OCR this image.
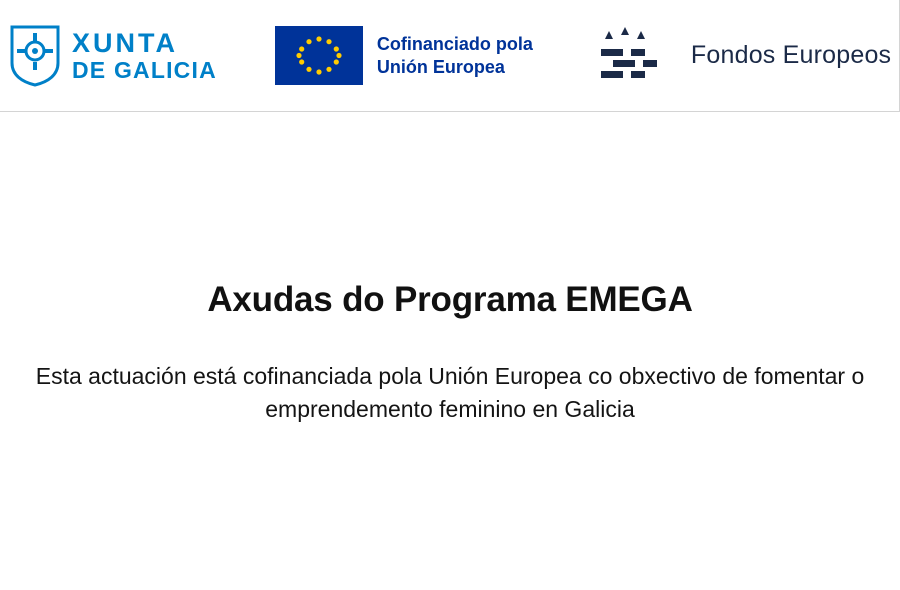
XUNTA
DE GALICIA
Cofinanciado pola
Unión Europea	Fondos Europeos
Axudas do Programa EMEGA

Esta actuación está cofinanciada pola Unión Europea co obxectivo de fomentar o emprendemento feminino en Galicia
